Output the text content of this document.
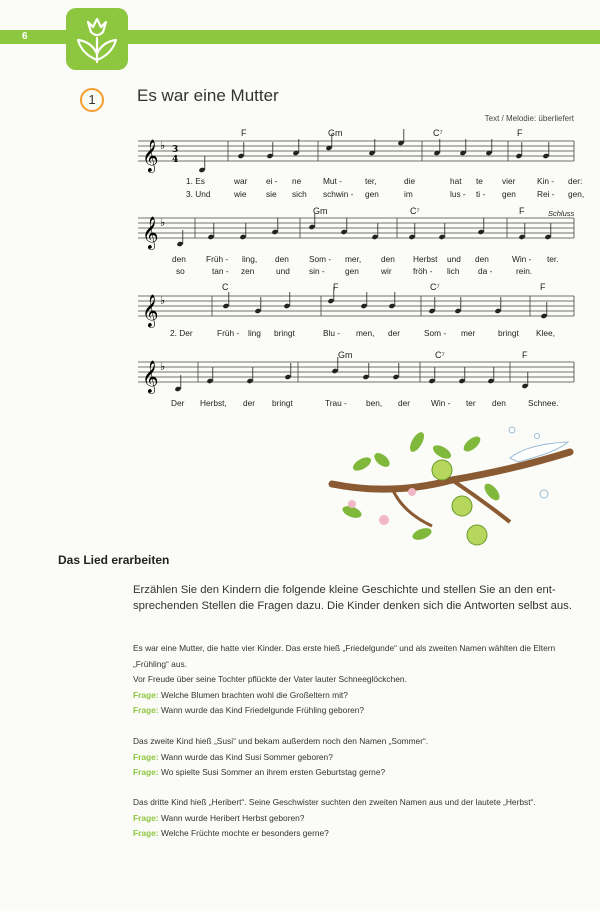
6
1	Es war eine Mutter
Text / Melodie: überliefert
𝄞 ♭ 3
4
F	Gm	C⁷	F
1. Es	war ei - ne	Mut -	ter,	die	hat te vier	Kin - der:
3. Und	wie sie sich schwin - gen	im	lus - ti - gen	Rei - gen,
𝄞 ♭
Gm	C⁷	F	Schluss
den Früh - ling, den Som - mer, den Herbst und den	Win - ter.
so	tan - zen	und sin - gen	wir	fröh - lich da -	rein.
𝄞 ♭
C	F	C⁷	F
2. Der	Früh - ling bringt	Blu - men, der	Som - mer	bringt Klee,
𝄞 ♭
Gm	C⁷	F
Der Herbst, der bringt	Trau - ben, der	Win - ter den	Schnee.
Das Lied erarbeiten
Erzählen Sie den Kindern die folgende kleine Geschichte und stellen Sie an den entsprechenden Stellen die Fragen dazu. Die Kinder denken sich die Antworten selbst aus.

Es war eine Mutter, die hatte vier Kinder. Das erste hieß „Friedelgunde“ und als zweiten Namen wählten die Eltern „Frühling“ aus.

Vor Freude über seine Tochter pflückte der Vater lauter Schneeglöckchen.

Frage: Welche Blumen brachten wohl die Großeltern mit?

Frage: Wann wurde das Kind Friedelgunde Frühling geboren?

Das zweite Kind hieß „Susi“ und bekam außerdem noch den Namen „Sommer“.

Frage: Wann wurde das Kind Susi Sommer geboren?

Frage: Wo spielte Susi Sommer an ihrem ersten Geburtstag gerne?

Das dritte Kind hieß „Heribert“. Seine Geschwister suchten den zweiten Namen aus und der lautete „Herbst“.

Frage: Wann wurde Heribert Herbst geboren?

Frage: Welche Früchte mochte er besonders gerne?
